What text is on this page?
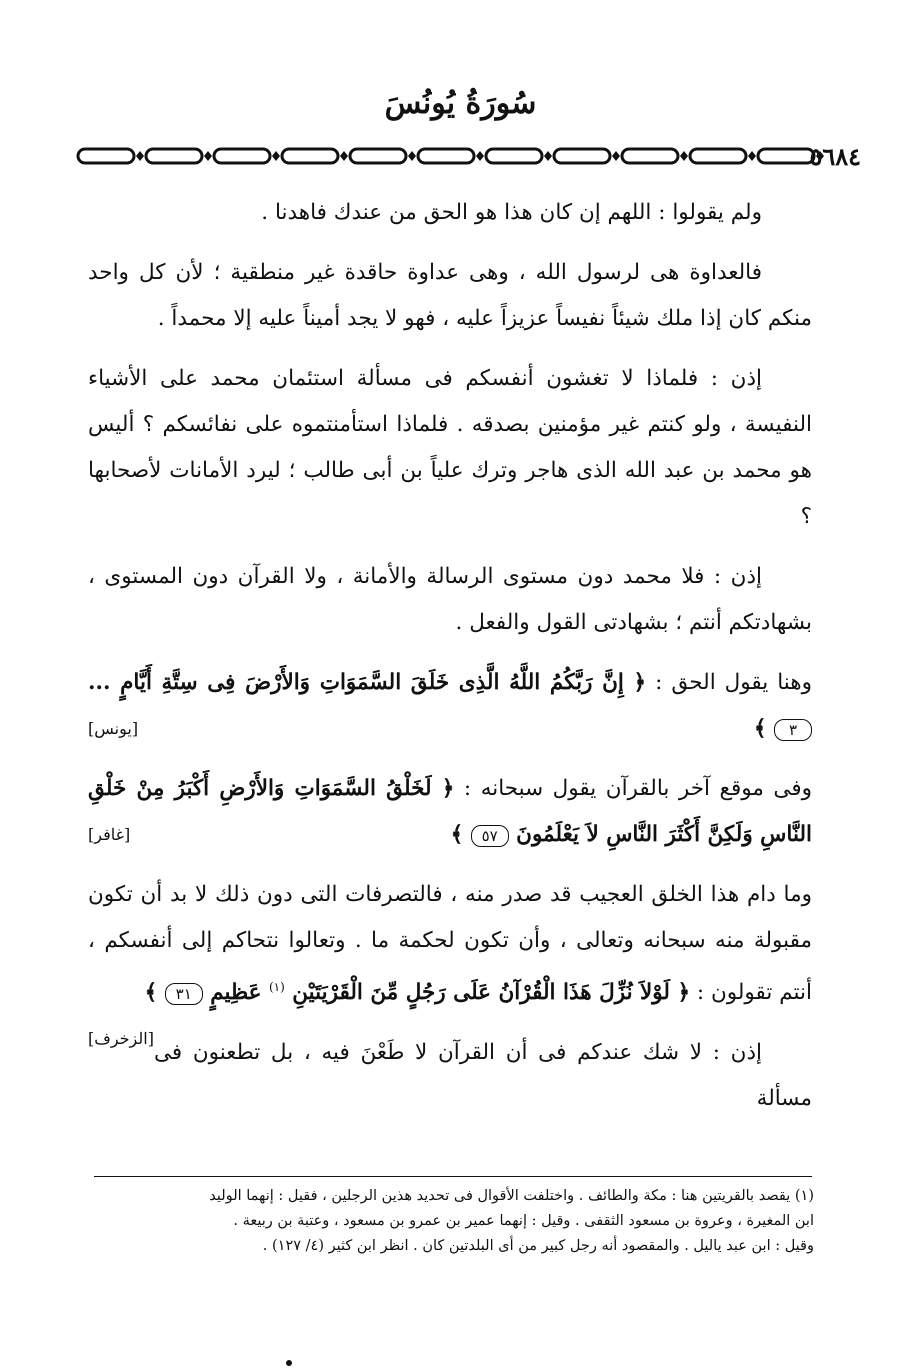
سُورَةُ يُونُسَ
٥٦٨٤

ولم يقولوا : اللهم إن كان هذا هو الحق من عندك فاهدنا .

فالعداوة هى لرسول الله ، وهى عداوة حاقدة غير منطقية ؛ لأن كل واحد منكم كان إذا ملك شيئاً نفيساً عزيزاً عليه ، فهو لا يجد أميناً عليه إلا محمداً .

إذن : فلماذا لا تغشون أنفسكم فى مسألة استئمان محمد على الأشياء النفيسة ، ولو كنتم غير مؤمنين بصدقه . فلماذا استأمنتموه على نفائسكم ؟ أليس هو محمد بن عبد الله الذى هاجر وترك علياً بن أبى طالب ؛ ليرد الأمانات لأصحابها ؟

إذن : فلا محمد دون مستوى الرسالة والأمانة ، ولا القرآن دون المستوى ، بشهادتكم أنتم ؛ بشهادتى القول والفعل .

وهنا يقول الحق : ﴿ إِنَّ رَبَّكُمُ اللَّهُ الَّذِى خَلَقَ السَّمَوَاتِ وَالأَرْضَ فِى سِتَّةِ أَيَّامٍ ... ٣ ﴾
[يونس]

وفى موقع آخر بالقرآن يقول سبحانه : ﴿ لَخَلْقُ السَّمَوَاتِ وَالأَرْضِ أَكْبَرُ مِنْ خَلْقِ النَّاسِ وَلَكِنَّ أَكْثَرَ النَّاسِ لاَ يَعْلَمُونَ ٥٧ ﴾
[غافر]

وما دام هذا الخلق العجيب قد صدر منه ، فالتصرفات التى دون ذلك لا بد أن تكون مقبولة منه سبحانه وتعالى ، وأن تكون لحكمة ما . وتعالوا نتحاكم إلى أنفسكم ، أنتم تقولون : ﴿ لَوْلاَ نُزِّلَ هَذَا الْقُرْآنُ عَلَى رَجُلٍ مِّنَ الْقَرْيَتَيْنِ $^{(١)}$ عَظِيمٍ ٣١ ﴾
[الزخرف]

إذن : لا شك عندكم فى أن القرآن لا طَعْنَ فيه ، بل تطعنون فى مسألة

(١) يقصد بالقريتين هنا : مكة والطائف . واختلفت الأقوال فى تحديد هذين الرجلين ، فقيل : إنهما الوليد

ابن المغيرة ، وعروة بن مسعود الثقفى . وقيل : إنهما عمير بن عمرو بن مسعود ، وعتبة بن ربيعة .

وقيل : ابن عبد ياليل . والمقصود أنه رجل كبير من أى البلدتين كان . انظر ابن كثير (٤/ ١٢٧) .
